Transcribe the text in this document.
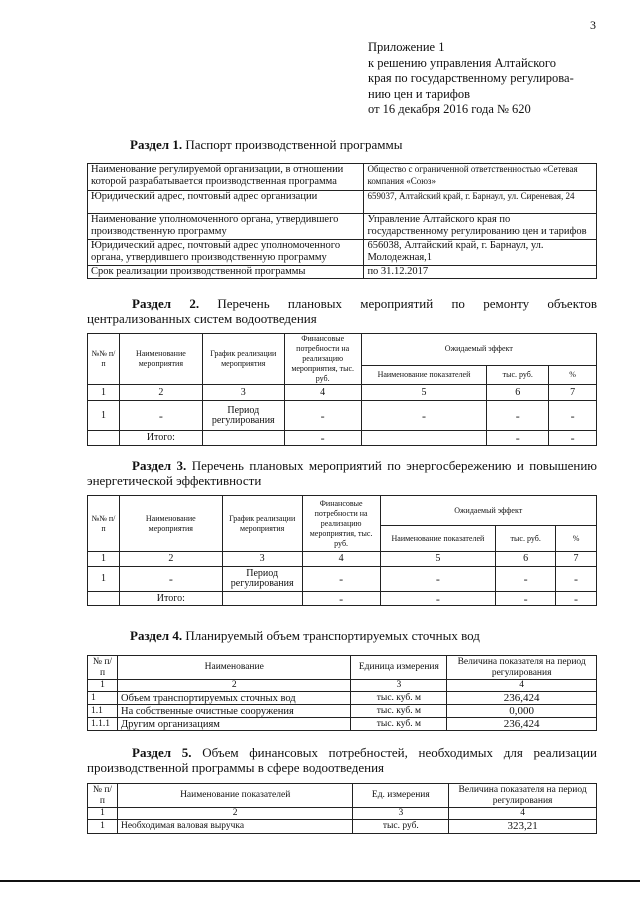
3
Приложение 1
к решению управления Алтайского
края по государственному регулирова-
нию цен и тарифов
от 16 декабря 2016 года № 620
Раздел 1. Паспорт производственной программы
Наименование регулируемой организации, в отношении которой разрабатывается производственная программа	Общество с ограниченной ответственностью «Сетевая компания «Союз»
Юридический адрес, почтовый адрес организации	659037, Алтайский край, г. Барнаул, ул. Сиреневая, 24
Наименование уполномоченного органа, утвердившего производственную программу	Управление Алтайского края по государственному регулированию цен и тарифов
Юридический адрес, почтовый адрес уполномоченного органа, утвердившего производственную программу	656038, Алтайский край, г. Барнаул, ул. Молодежная,1
Срок реализации производственной программы	по 31.12.2017
Раздел 2. Перечень плановых мероприятий по ремонту объектов централизованных систем водоотведения
№№ п/п	Наименование мероприятия	График реализации мероприятия	Финансовые потребности на реализацию мероприятия, тыс. руб.	Ожидаемый эффект		
				Наименование показателей	тыс. руб.	%
1	2	3	4	5	6	7
1	-	Период регулирования	-	-	-	-
	Итого:		-		-	-
Раздел 3. Перечень плановых мероприятий по энергосбережению и повышению энергетической эффективности
№№ п/п	Наименование мероприятия	График реализации мероприятия	Финансовые потребности на реализацию мероприятия, тыс. руб.	Ожидаемый эффект		
				Наименование показателей	тыс. руб.	%
1	2	3	4	5	6	7
1	-	Период регулирования	-	-	-	-
	Итого:		-	-	-	-
Раздел 4. Планируемый объем транспортируемых сточных вод
№ п/п	Наименование	Единица измерения	Величина показателя на период регулирования
1	2	3	4
1	Объем транспортируемых сточных вод	тыс. куб. м	236,424
1.1	На собственные очистные сооружения	тыс. куб. м	0,000
1.1.1	Другим организациям	тыс. куб. м	236,424
Раздел 5. Объем финансовых потребностей, необходимых для реализации производственной программы в сфере водоотведения
№ п/п	Наименование показателей	Ед. измерения	Величина показателя на период регулирования
1	2	3	4
1	Необходимая валовая выручка	тыс. руб.	323,21
